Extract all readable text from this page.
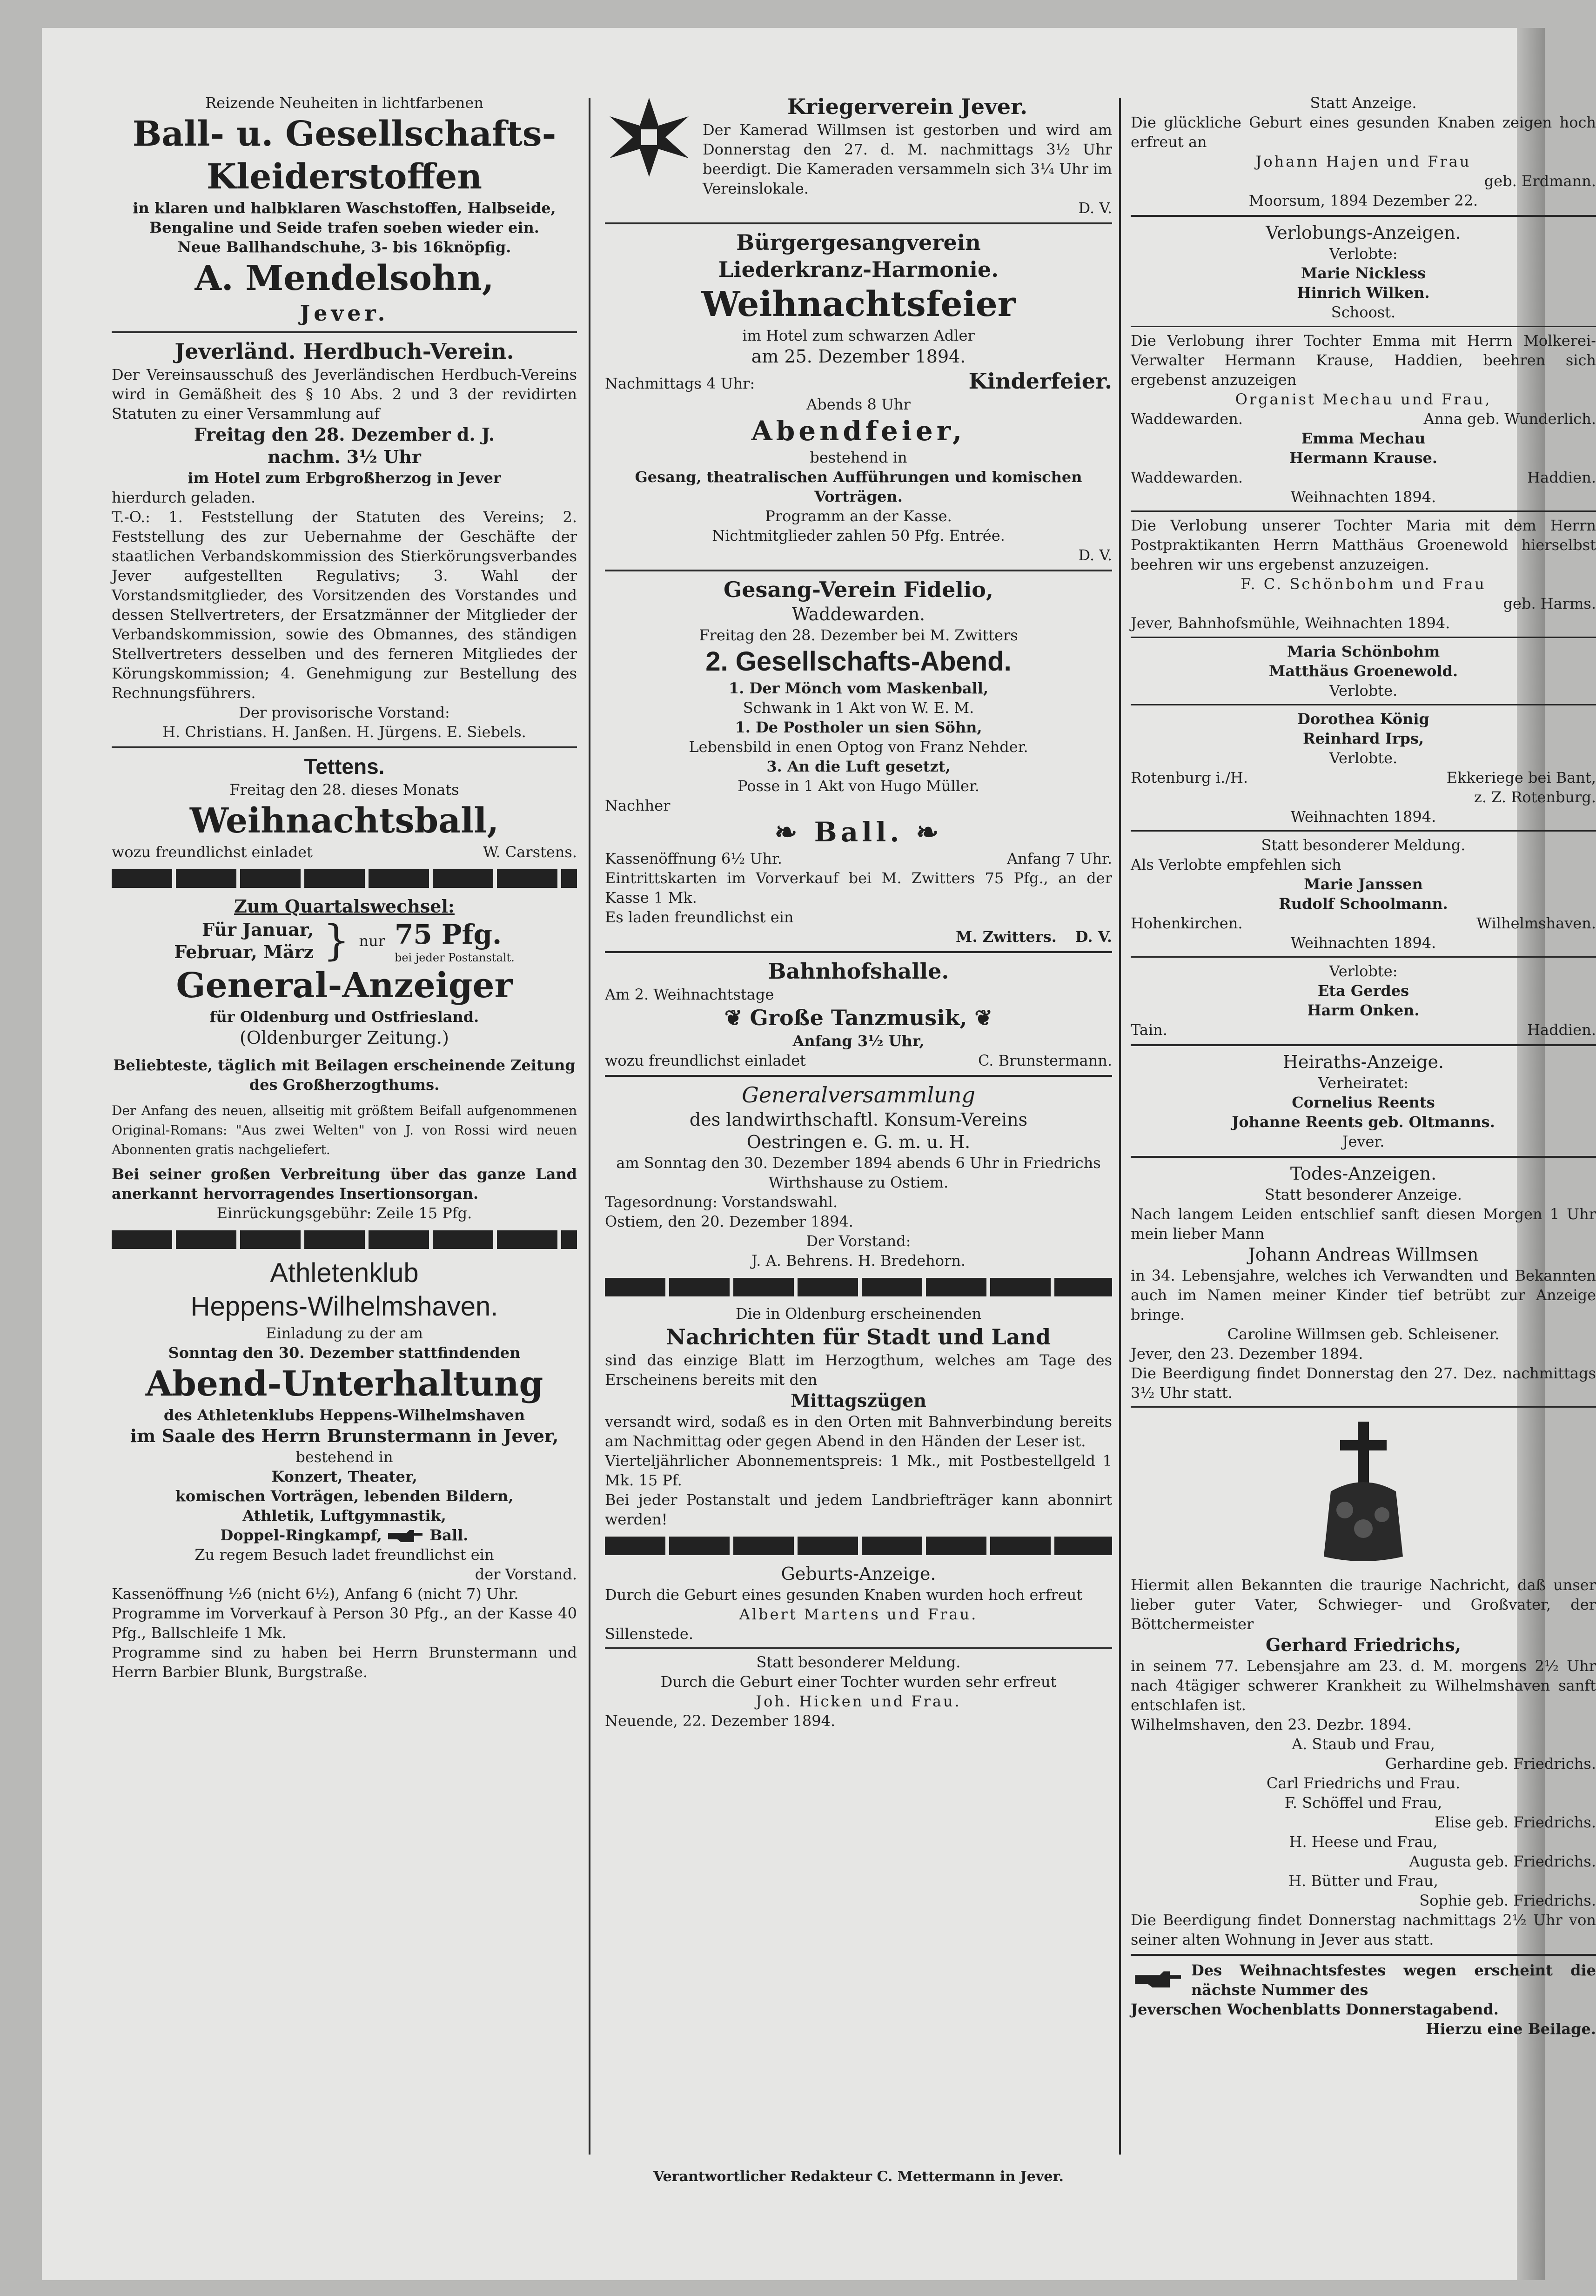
Reizende Neuheiten in lichtfarbenen
Ball- u. Gesellschafts-
Kleiderstoffen
in klaren und halbklaren Waschstoffen, Halbseide, Bengaline und Seide trafen soeben wieder ein.
Neue Ballhandschuhe, 3- bis 16knöpfig.
A. Mendelsohn,
Jever.
Jeverländ. Herdbuch-Verein.
Der Vereinsausschuß des Jeverländischen Herdbuch-Vereins wird in Gemäßheit des § 10 Abs. 2 und 3 der revidirten Statuten zu einer Versammlung auf
Freitag den 28. Dezember d. J.
nachm. 3½ Uhr
im Hotel zum Erbgroßherzog in Jever
hierdurch geladen.
T.-O.: 1. Feststellung der Statuten des Vereins; 2. Feststellung des zur Uebernahme der Geschäfte der staatlichen Verbandskommission des Stierkörungsverbandes Jever aufgestellten Regulativs; 3. Wahl der Vorstandsmitglieder, des Vorsitzenden des Vorstandes und dessen Stellvertreters, der Ersatzmänner der Mitglieder der Verbandskommission, sowie des Obmannes, des ständigen Stellvertreters desselben und des ferneren Mitgliedes der Körungskommission; 4. Genehmigung zur Bestellung des Rechnungsführers.
Der provisorische Vorstand:
H. Christians. H. Janßen. H. Jürgens. E. Siebels.
Tettens.
Freitag den 28. dieses Monats
Weihnachtsball,
wozu freundlichst einladet	W. Carstens.
Zum Quartalswechsel:
Für Januar,
Februar, März } nur 75 Pfg.
bei jeder Postanstalt.
General-Anzeiger
für Oldenburg und Ostfriesland.
(Oldenburger Zeitung.)
Beliebteste, täglich mit Beilagen erscheinende Zeitung des Großherzogthums.
Der Anfang des neuen, allseitig mit größtem Beifall aufgenommenen Original-Romans: "Aus zwei Welten" von J. von Rossi wird neuen Abonnenten gratis nachgeliefert.
Bei seiner großen Verbreitung über das ganze Land anerkannt hervorragendes Insertionsorgan.
Einrückungsgebühr: Zeile 15 Pfg.
Athletenklub
Heppens-Wilhelmshaven.
Einladung zu der am
Sonntag den 30. Dezember stattfindenden
Abend-Unterhaltung
des Athletenklubs Heppens-Wilhelmshaven
im Saale des Herrn Brunstermann in Jever,
bestehend in
Konzert, Theater,
komischen Vorträgen, lebenden Bildern,
Athletik, Luftgymnastik,
Doppel-Ringkampf,	Ball.
Zu regem Besuch ladet freundlichst ein
der Vorstand.
Kassenöffnung ½6 (nicht 6½), Anfang 6 (nicht 7) Uhr.
Programme im Vorverkauf à Person 30 Pfg., an der Kasse 40 Pfg., Ballschleife 1 Mk.
Programme sind zu haben bei Herrn Brunstermann und Herrn Barbier Blunk, Burgstraße.
Kriegerverein Jever.
Der Kamerad Willmsen ist gestorben und wird am Donnerstag den 27. d. M. nachmittags 3½ Uhr beerdigt. Die Kameraden versammeln sich 3¼ Uhr im Vereinslokale.
D. V.
Bürgergesangverein
Liederkranz-Harmonie.
Weihnachtsfeier
im Hotel zum schwarzen Adler
am 25. Dezember 1894.
Nachmittags 4 Uhr:	Kinderfeier.
Abends 8 Uhr
Abendfeier,
bestehend in
Gesang, theatralischen Aufführungen und komischen Vorträgen.
Programm an der Kasse.
Nichtmitglieder zahlen 50 Pfg. Entrée.
D. V.
Gesang-Verein Fidelio,
Waddewarden.
Freitag den 28. Dezember bei M. Zwitters
2. Gesellschafts-Abend.
1. Der Mönch vom Maskenball,
Schwank in 1 Akt von W. E. M.
1. De Postholer un sien Söhn,
Lebensbild in enen Optog von Franz Nehder.
3. An die Luft gesetzt,
Posse in 1 Akt von Hugo Müller.
Nachher
❧ Ball. ❧
Kassenöffnung 6½ Uhr.	Anfang 7 Uhr.
Eintrittskarten im Vorverkauf bei M. Zwitters 75 Pfg., an der Kasse 1 Mk.
Es laden freundlichst ein
M. Zwitters. D. V.
Bahnhofshalle.
Am 2. Weihnachtstage
❦ Große Tanzmusik, ❦
Anfang 3½ Uhr,
wozu freundlichst einladet	C. Brunstermann.
Generalversammlung
des landwirthschaftl. Konsum-Vereins
Oestringen e. G. m. u. H.
am Sonntag den 30. Dezember 1894 abends 6 Uhr in Friedrichs Wirthshause zu Ostiem.
Tagesordnung: Vorstandswahl.
Ostiem, den 20. Dezember 1894.
Der Vorstand:
J. A. Behrens. H. Bredehorn.
Die in Oldenburg erscheinenden
Nachrichten für Stadt und Land
sind das einzige Blatt im Herzogthum, welches am Tage des Erscheinens bereits mit den
Mittagszügen
versandt wird, sodaß es in den Orten mit Bahnverbindung bereits am Nachmittag oder gegen Abend in den Händen der Leser ist.
Vierteljährlicher Abonnementspreis: 1 Mk., mit Postbestellgeld 1 Mk. 15 Pf.
Bei jeder Postanstalt und jedem Landbriefträger kann abonnirt werden!
Geburts-Anzeige.
Durch die Geburt eines gesunden Knaben wurden hoch erfreut
Albert Martens und Frau.
Sillenstede.
Statt besonderer Meldung.
Durch die Geburt einer Tochter wurden sehr erfreut
Joh. Hicken und Frau.
Neuende, 22. Dezember 1894.
Statt Anzeige.
Die glückliche Geburt eines gesunden Knaben zeigen hoch erfreut an
Johann Hajen und Frau
geb. Erdmann.
Moorsum, 1894 Dezember 22.
Verlobungs-Anzeigen.
Verlobte:
Marie Nickless
Hinrich Wilken.
Schoost.
Die Verlobung ihrer Tochter Emma mit Herrn Molkerei-Verwalter Hermann Krause, Haddien, beehren sich ergebenst anzuzeigen
Organist Mechau und Frau,
Waddewarden.	Anna geb. Wunderlich.
Emma Mechau
Hermann Krause.
Waddewarden.	Haddien.
Weihnachten 1894.
Die Verlobung unserer Tochter Maria mit dem Herrn Postpraktikanten Herrn Matthäus Groenewold hierselbst beehren wir uns ergebenst anzuzeigen.
F. C. Schönbohm und Frau
geb. Harms.
Jever, Bahnhofsmühle, Weihnachten 1894.
Maria Schönbohm
Matthäus Groenewold.
Verlobte.
Dorothea König
Reinhard Irps,
Verlobte.
Rotenburg i./H.	Ekkeriege bei Bant,
z. Z. Rotenburg.
Weihnachten 1894.
Statt besonderer Meldung.
Als Verlobte empfehlen sich
Marie Janssen
Rudolf Schoolmann.
Hohenkirchen.	Wilhelmshaven.
Weihnachten 1894.
Verlobte:
Eta Gerdes
Harm Onken.
Tain.	Haddien.
Heiraths-Anzeige.
Verheiratet:
Cornelius Reents
Johanne Reents geb. Oltmanns.
Jever.
Todes-Anzeigen.
Statt besonderer Anzeige.
Nach langem Leiden entschlief sanft diesen Morgen 1 Uhr mein lieber Mann
Johann Andreas Willmsen
in 34. Lebensjahre, welches ich Verwandten und Bekannten auch im Namen meiner Kinder tief betrübt zur Anzeige bringe.
Caroline Willmsen geb. Schleisener.
Jever, den 23. Dezember 1894.
Die Beerdigung findet Donnerstag den 27. Dez. nachmittags 3½ Uhr statt.
Hiermit allen Bekannten die traurige Nachricht, daß unser lieber guter Vater, Schwieger- und Großvater, der Böttchermeister
Gerhard Friedrichs,
in seinem 77. Lebensjahre am 23. d. M. morgens 2½ Uhr nach 4tägiger schwerer Krankheit zu Wilhelmshaven sanft entschlafen ist.
Wilhelmshaven, den 23. Dezbr. 1894.
A. Staub und Frau,
Gerhardine geb. Friedrichs.
Carl Friedrichs und Frau.
F. Schöffel und Frau,
Elise geb. Friedrichs.
H. Heese und Frau,
Augusta geb. Friedrichs.
H. Bütter und Frau,
Sophie geb. Friedrichs.
Die Beerdigung findet Donnerstag nachmittags 2½ Uhr von seiner alten Wohnung in Jever aus statt.
Des Weihnachtsfestes wegen erscheint die nächste Nummer des
Jeverschen Wochenblatts Donnerstagabend.
Hierzu eine Beilage.
Verantwortlicher Redakteur C. Mettermann in Jever.
